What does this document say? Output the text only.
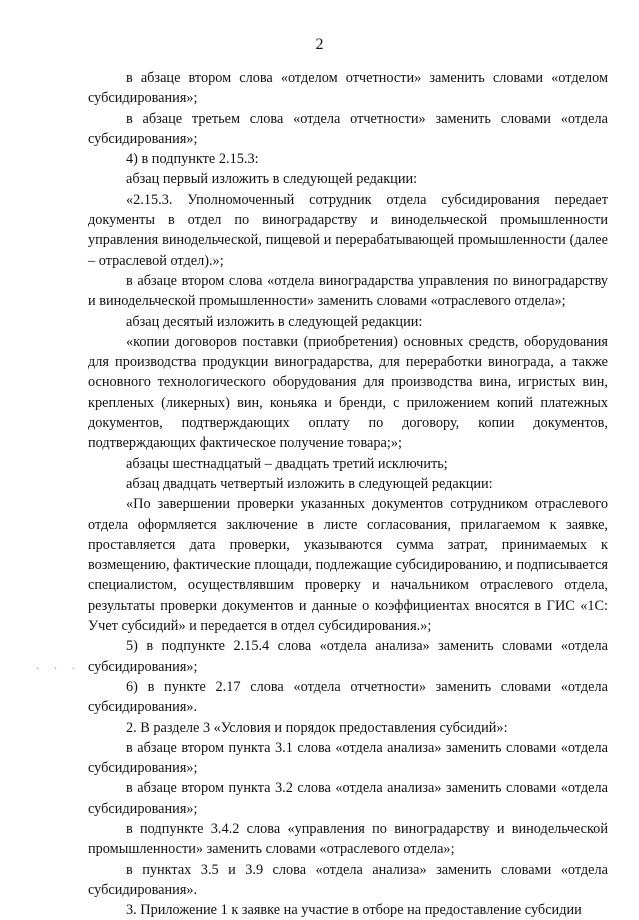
2
· · ·

в абзаце втором слова «отделом отчетности» заменить словами «отделом субсидирования»;

в абзаце третьем слова «отдела отчетности» заменить словами «отдела субсидирования»;

4) в подпункте 2.15.3:

абзац первый изложить в следующей редакции:

«2.15.3. Уполномоченный сотрудник отдела субсидирования передает документы в отдел по виноградарству и винодельческой промышленности управления винодельческой, пищевой и перерабатывающей промышленности (далее – отраслевой отдел).»;

в абзаце втором слова «отдела виноградарства управления по виноградарству и винодельческой промышленности» заменить словами «отраслевого отдела»;

абзац десятый изложить в следующей редакции:

«копии договоров поставки (приобретения) основных средств, оборудования для производства продукции виноградарства, для переработки винограда, а также основного технологического оборудования для производства вина, игристых вин, крепленых (ликерных) вин, коньяка и бренди, с приложением копий платежных документов, подтверждающих оплату по договору, копии документов, подтверждающих фактическое получение товара;»;

абзацы шестнадцатый – двадцать третий исключить;

абзац двадцать четвертый изложить в следующей редакции:

«По завершении проверки указанных документов сотрудником отраслевого отдела оформляется заключение в листе согласования, прилагаемом к заявке, проставляется дата проверки, указываются сумма затрат, принимаемых к возмещению, фактические площади, подлежащие субсидированию, и подписывается специалистом, осуществлявшим проверку и начальником отраслевого отдела, результаты проверки документов и данные о коэффициентах вносятся в ГИС «1С: Учет субсидий» и передается в отдел субсидирования.»;

5) в подпункте 2.15.4 слова «отдела анализа» заменить словами «отдела субсидирования»;

6) в пункте 2.17 слова «отдела отчетности» заменить словами «отдела субсидирования».

2. В разделе 3 «Условия и порядок предоставления субсидий»:

в абзаце втором пункта 3.1 слова «отдела анализа» заменить словами «отдела субсидирования»;

в абзаце втором пункта 3.2 слова «отдела анализа» заменить словами «отдела субсидирования»;

в подпункте 3.4.2 слова «управления по виноградарству и винодельческой промышленности» заменить словами «отраслевого отдела»;

в пунктах 3.5 и 3.9 слова «отдела анализа» заменить словами «отдела субсидирования».

3. Приложение 1 к заявке на участие в отборе на предоставление субсидии
